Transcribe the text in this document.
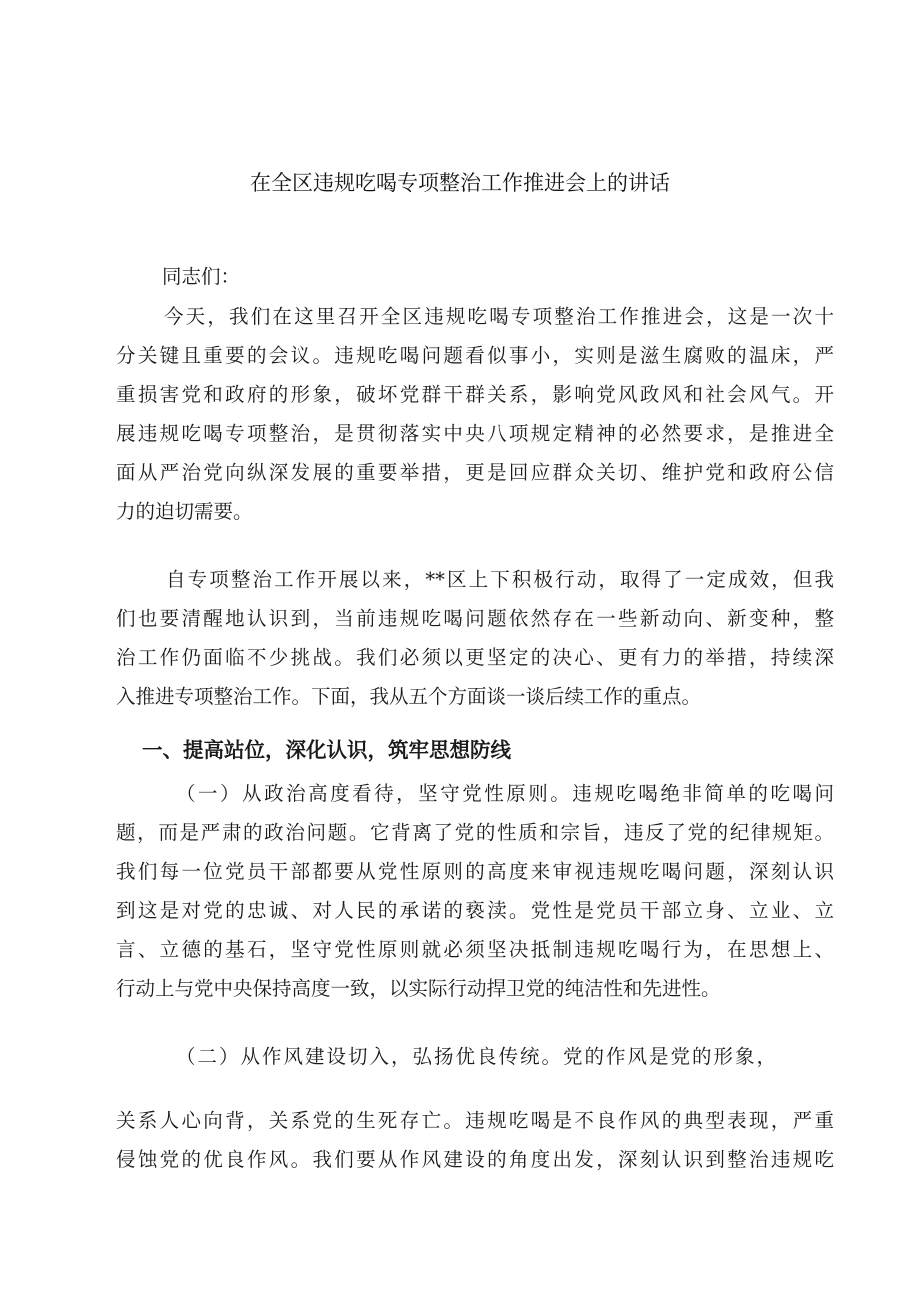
在全区违规吃喝专项整治工作推进会上的讲话
同志们：
今天，我们在这里召开全区违规吃喝专项整治工作推进会，这是一次十
分关键且重要的会议。违规吃喝问题看似事小，实则是滋生腐败的温床，严
重损害党和政府的形象，破坏党群干群关系，影响党风政风和社会风气。开
展违规吃喝专项整治，是贯彻落实中央八项规定精神的必然要求，是推进全
面从严治党向纵深发展的重要举措，更是回应群众关切、维护党和政府公信
力的迫切需要。
自专项整治工作开展以来，**区上下积极行动，取得了一定成效，但我
们也要清醒地认识到，当前违规吃喝问题依然存在一些新动向、新变种，整
治工作仍面临不少挑战。我们必须以更坚定的决心、更有力的举措，持续深
入推进专项整治工作。下面，我从五个方面谈一谈后续工作的重点。
一、提高站位，深化认识，筑牢思想防线
（一）从政治高度看待，坚守党性原则。违规吃喝绝非简单的吃喝问
题，而是严肃的政治问题。它背离了党的性质和宗旨，违反了党的纪律规矩。
我们每一位党员干部都要从党性原则的高度来审视违规吃喝问题，深刻认识
到这是对党的忠诚、对人民的承诺的亵渎。党性是党员干部立身、立业、立
言、立德的基石，坚守党性原则就必须坚决抵制违规吃喝行为，在思想上、
行动上与党中央保持高度一致，以实际行动捍卫党的纯洁性和先进性。
（二）从作风建设切入，弘扬优良传统。党的作风是党的形象，
关系人心向背，关系党的生死存亡。违规吃喝是不良作风的典型表现，严重
侵蚀党的优良作风。我们要从作风建设的角度出发，深刻认识到整治违规吃
